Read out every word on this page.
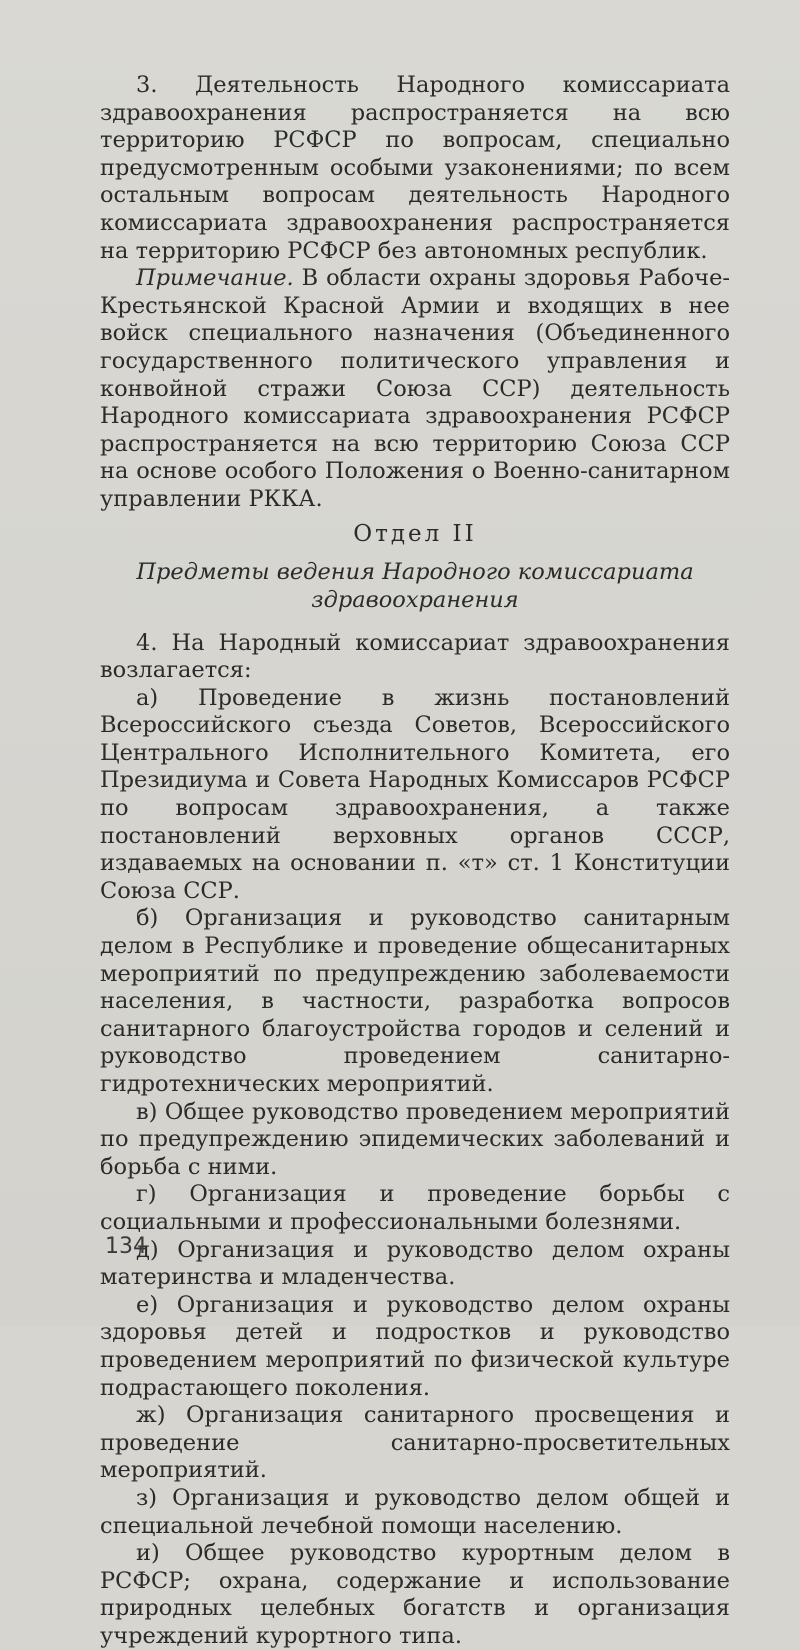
3. Деятельность Народного комиссариата здравоохранения распространяется на всю территорию РСФСР по вопросам, специально предусмотренным особыми узаконениями; по всем остальным вопросам деятельность Народного комиссариата здравоохранения распространяется на территорию РСФСР без автономных республик.

Примечание. В области охраны здоровья Рабоче-Крестьянской Красной Армии и входящих в нее войск специального назначения (Объединенного государственного политического управления и конвойной стражи Союза ССР) деятельность Народного комиссариата здравоохранения РСФСР распространяется на всю территорию Союза ССР на основе особого Положения о Военно-санитарном управлении РККА.

Отдел II
Предметы ведения Народного комиссариата
здравоохранения

4. На Народный комиссариат здравоохранения возлагается:

а) Проведение в жизнь постановлений Всероссийского съезда Советов, Всероссийского Центрального Исполнительного Комитета, его Президиума и Совета Народных Комиссаров РСФСР по вопросам здравоохранения, а также постановлений верховных органов СССР, издаваемых на основании п. «т» ст. 1 Конституции Союза ССР.

б) Организация и руководство санитарным делом в Республике и проведение общесанитарных мероприятий по предупреждению заболеваемости населения, в частности, разработка вопросов санитарного благоустройства городов и селений и руководство проведением санитарно-гидротехнических мероприятий.

в) Общее руководство проведением мероприятий по предупреждению эпидемических заболеваний и борьба с ними.

г) Организация и проведение борьбы с социальными и профессиональными болезнями.

д) Организация и руководство делом охраны материнства и младенчества.

е) Организация и руководство делом охраны здоровья детей и подростков и руководство проведением мероприятий по физической культуре подрастающего поколения.

ж) Организация санитарного просвещения и проведение санитарно-просветительных мероприятий.

з) Организация и руководство делом общей и специальной лечебной помощи населению.

и) Общее руководство курортным делом в РСФСР; охрана, содержание и использование природных целебных богатств и организация учреждений курортного типа.

134
